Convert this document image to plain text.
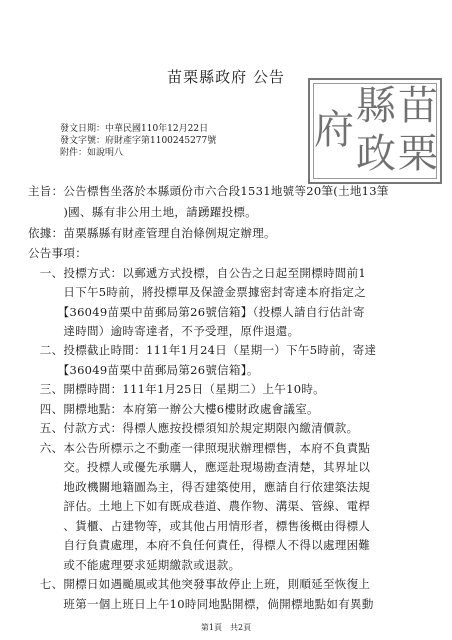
苗栗縣政府 公告
發文日期：中華民國110年12月22日
發文字號：府財產字第1100245277號
附件：如說明八
苗
栗
縣
政
府
主旨：公告標售坐落於本縣頭份市六合段1531地號等20筆(土地13筆
　　　)國、縣有非公用土地，請踴躍投標。
依據：苗栗縣縣有財產管理自治條例規定辦理。
公告事項：
　一、投標方式：以郵遞方式投標，自公告之日起至開標時間前1
　　　日下午5時前，將投標單及保證金票據密封寄達本府指定之
　　　【36049苗栗中苗郵局第26號信箱】（投標人請自行估計寄
　　　達時間）逾時寄達者，不予受理，原件退還。
　二、投標截止時間：111年1月24日（星期一）下午5時前，寄達
　　　【36049苗栗中苗郵局第26號信箱】。
　三、開標時間：111年1月25日（星期二）上午10時。
　四、開標地點：本府第一辦公大樓6樓財政處會議室。
　五、付款方式：得標人應按投標須知於規定期限內繳清價款。
　六、本公告所標示之不動產一律照現狀辦理標售，本府不負責點
　　　交。投標人或優先承購人，應逕赴現場勘查清楚，其界址以
　　　地政機關地籍圖為主，得否建築使用，應請自行依建築法規
　　　評估。土地上下如有既成巷道、農作物、溝渠、管線、電桿
　　　、貨櫃、占建物等，或其他占用情形者，標售後概由得標人
　　　自行負責處理，本府不負任何責任，得標人不得以處理困難
　　　或不能處理要求延期繳款或退款。
　七、開標日如遇颱風或其他突發事故停止上班，則順延至恢復上
　　　班第一個上班日上午10時同地點開標，倘開標地點如有異動
第1頁　共2頁
